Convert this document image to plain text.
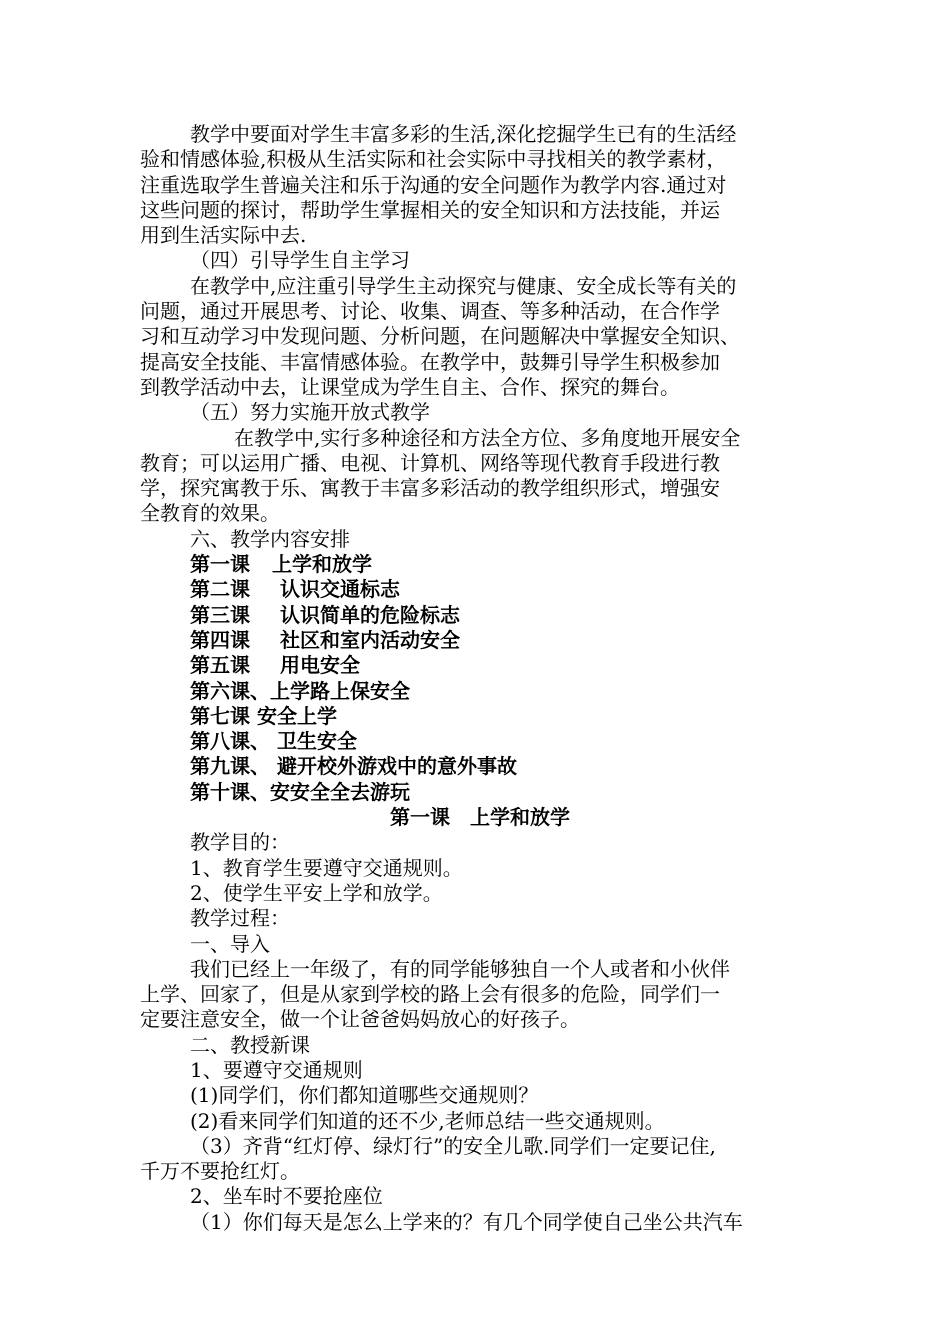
教学中要面对学生丰富多彩的生活,深化挖掘学生已有的生活经
验和情感体验,积极从生活实际和社会实际中寻找相关的教学素材，
注重选取学生普遍关注和乐于沟通的安全问题作为教学内容.通过对
这些问题的探讨，帮助学生掌握相关的安全知识和方法技能，并运
用到生活实际中去.
（四）引导学生自主学习
在教学中,应注重引导学生主动探究与健康、安全成长等有关的
问题，通过开展思考、讨论、收集、调查、等多种活动，在合作学
习和互动学习中发现问题、分析问题，在问题解决中掌握安全知识、
提高安全技能、丰富情感体验。在教学中，鼓舞引导学生积极参加
到教学活动中去，让课堂成为学生自主、合作、探究的舞台。
（五）努力实施开放式教学
在教学中,实行多种途径和方法全方位、多角度地开展安全
教育；可以运用广播、电视、计算机、网络等现代教育手段进行教
学，探究寓教于乐、寓教于丰富多彩活动的教学组织形式，增强安
全教育的效果。
六、教学内容安排
第一课 上学和放学
第二课 认识交通标志
第三课 认识简单的危险标志
第四课 社区和室内活动安全
第五课 用电安全
第六课、上学路上保安全
第七课 安全上学
第八课、 卫生安全
第九课、 避开校外游戏中的意外事故
第十课、安安全全去游玩
第一课　上学和放学
教学目的：
1、教育学生要遵守交通规则。
2、使学生平安上学和放学。
教学过程：
一、导入
我们已经上一年级了，有的同学能够独自一个人或者和小伙伴
上学、回家了，但是从家到学校的路上会有很多的危险，同学们一
定要注意安全，做一个让爸爸妈妈放心的好孩子。
二、教授新课
1、要遵守交通规则
(1)同学们，你们都知道哪些交通规则？
(2)看来同学们知道的还不少,老师总结一些交通规则。
（3）齐背“红灯停、绿灯行”的安全儿歌.同学们一定要记住,
千万不要抢红灯。
2、坐车时不要抢座位
（1）你们每天是怎么上学来的？有几个同学使自己坐公共汽车
